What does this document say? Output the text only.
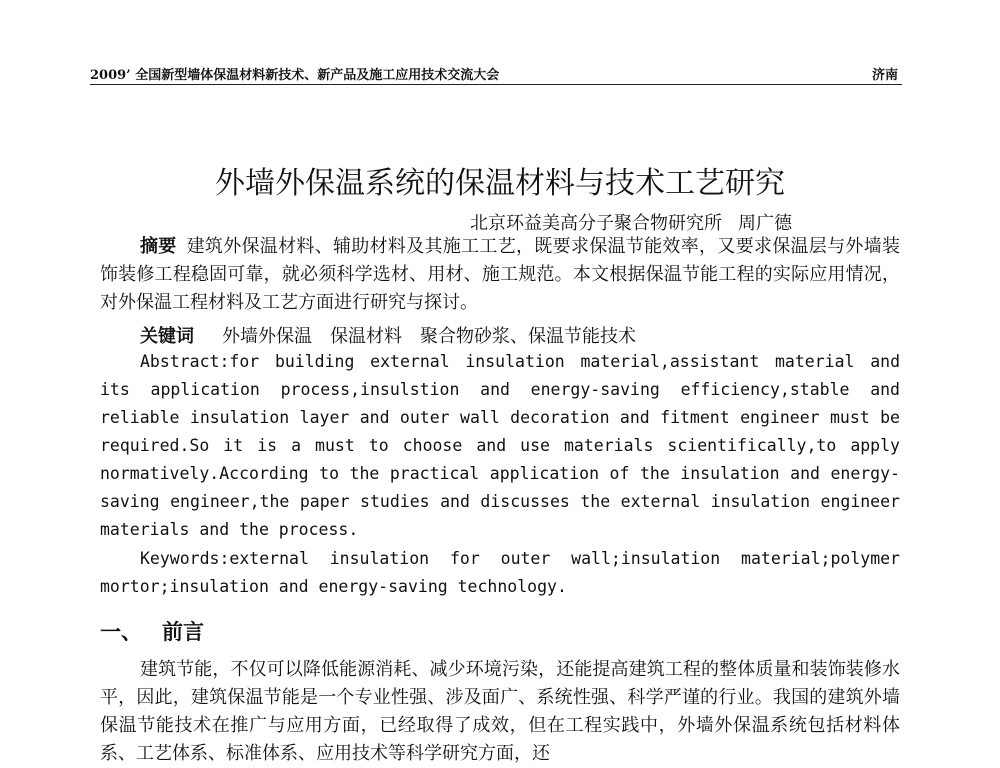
2009’ 全国新型墙体保温材料新技术、新产品及施工应用技术交流大会	济南
外墙外保温系统的保温材料与技术工艺研究
北京环益美高分子聚合物研究所 周广德
摘要 建筑外保温材料、辅助材料及其施工工艺，既要求保温节能效率，又要求保温层与外墙装饰装修工程稳固可靠，就必须科学选材、用材、施工规范。本文根据保温节能工程的实际应用情况，对外保温工程材料及工艺方面进行研究与探讨。
关键词 外墙外保温　保温材料　聚合物砂浆、保温节能技术
Abstract:for building external insulation material,assistant material and its application process,insulstion and energy-saving efficiency,stable and reliable insulation layer and outer wall decoration and fitment engineer must be required.So it is a must to choose and use materials scientifically,to apply normatively.According to the practical application of the insulation and energy-saving engineer,the paper studies and discusses the external insulation engineer materials and the process.
Keywords:external insulation for outer wall;insulation material;polymer mortor;insulation and energy-saving technology.
一、 前言
建筑节能，不仅可以降低能源消耗、减少环境污染，还能提高建筑工程的整体质量和装饰装修水平，因此，建筑保温节能是一个专业性强、涉及面广、系统性强、科学严谨的行业。我国的建筑外墙保温节能技术在推广与应用方面，已经取得了成效，但在工程实践中，外墙外保温系统包括材料体系、工艺体系、标准体系、应用技术等科学研究方面，还
